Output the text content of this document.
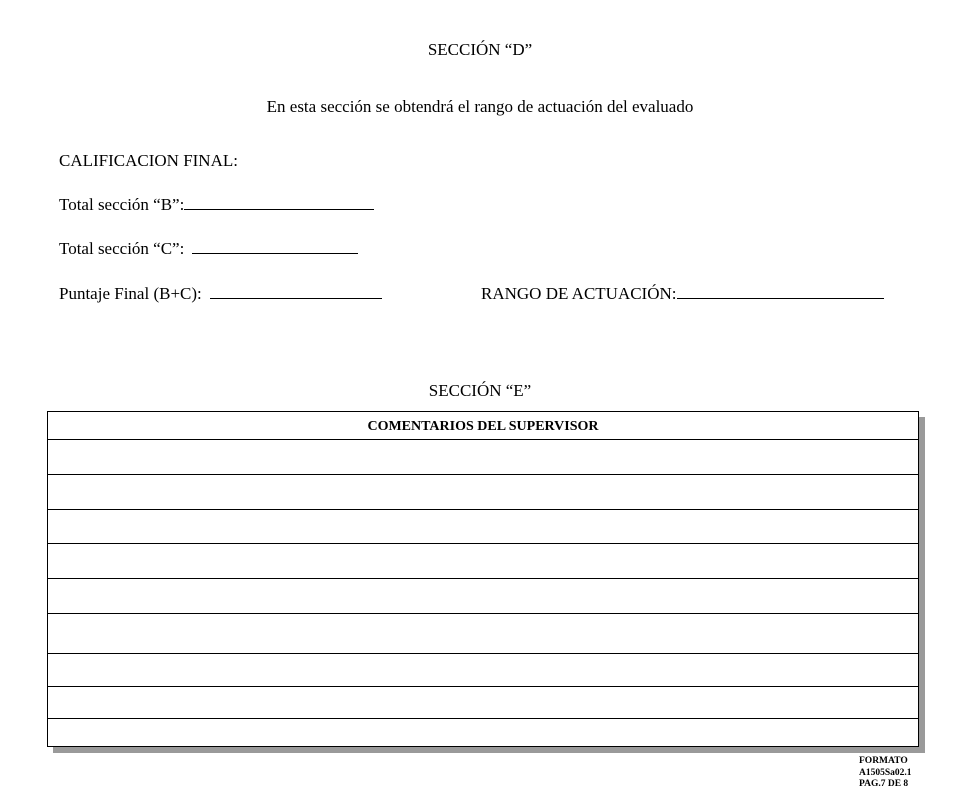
SECCIÓN “D”
En esta sección se obtendrá el rango de actuación del evaluado
CALIFICACION FINAL:
Total sección “B”:
Total sección “C”:
Puntaje Final (B+C):	RANGO DE ACTUACIÓN:
SECCIÓN “E”
COMENTARIOS DEL SUPERVISOR
FORMATO
A1505Sa02.1
PAG.7 DE 8
